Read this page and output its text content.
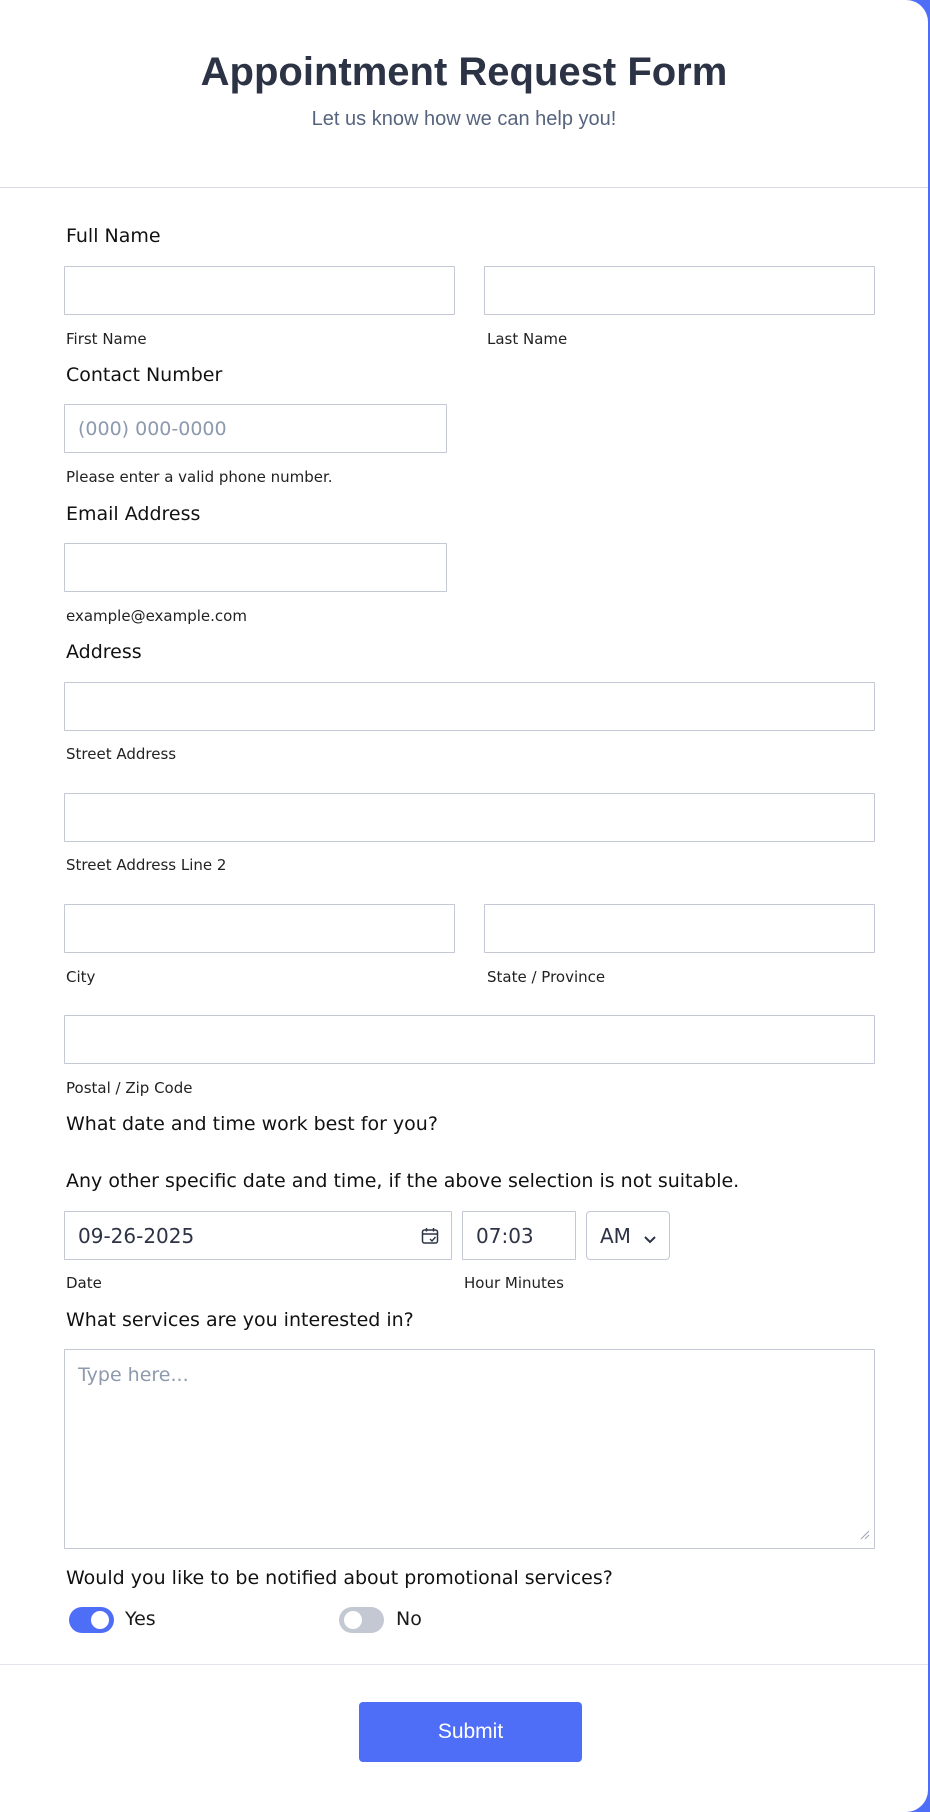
Appointment Request Form
Let us know how we can help you!
Full Name
First Name	Last Name
Contact Number
(000) 000-0000
Please enter a valid phone number.
Email Address
example@example.com
Address
Street Address
Street Address Line 2
City	State / Province
Postal / Zip Code
What date and time work best for you?
Any other specific date and time, if the above selection is not suitable.
09-26-2025	07:03	AM
Date	Hour Minutes
What services are you interested in?
Type here...
Would you like to be notified about promotional services?
Yes	No
Submit
